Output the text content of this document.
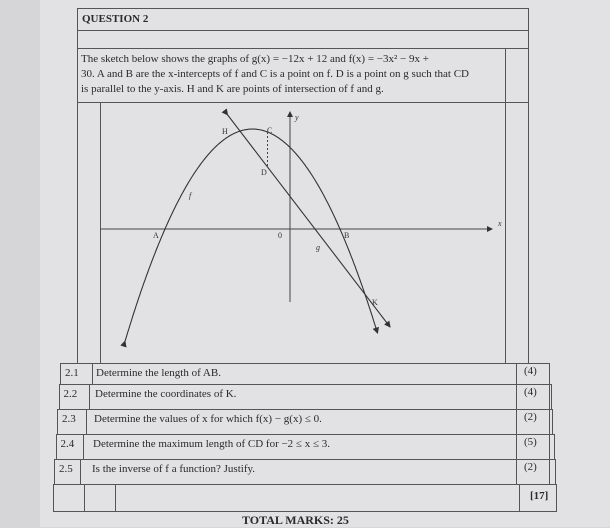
QUESTION 2
The sketch below shows the graphs of g(x) = −12x + 12 and f(x) = −3x² − 9x +
30. A and B are the x-intercepts of f and C is a point on f. D is a point on g such that CD
is parallel to the y-axis. H and K are points of intersection of f and g.
x
y
0
A	B
C
D
H
K
f
g
2.1 Determine the length of AB.	(4)
2.2 Determine the coordinates of K.	(4)
2.3 Determine the values of x for which f(x) − g(x) ≤ 0.	(2)
2.4 Determine the maximum length of CD for −2 ≤ x ≤ 3.	(5)
2.5 Is the inverse of f a function? Justify.	(2)
[17]
TOTAL MARKS: 25
